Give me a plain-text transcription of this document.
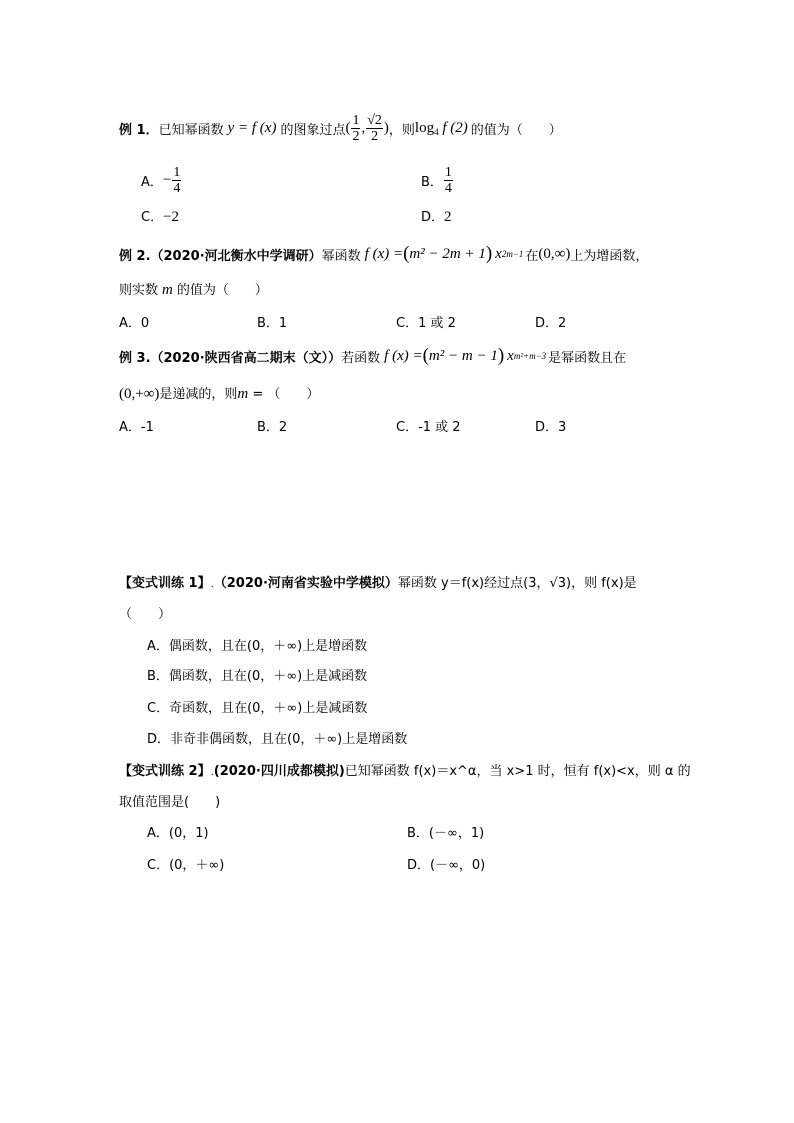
例 1． 已知幂函数 y = f (x) 的图象过点 ( $\frac{1}{2}$ , $\frac{√2}{2}$ ) ，则 $\log_4 f$ (2) 的值为（　　）
A． − $\frac{1}{4}$	B． $\frac{1}{4}$
C．−2	D．2
例 2. （2020·河北衡水中学调研） 幂函数 f (x) = ( m² − 2m + 1 ) x 2m−1 在 (0,∞) 上为增函数，
则实数 m 的值为（　　）
A．0	B．1	C．1 或 2	D．2
例 3. （2020·陕西省高二期末（文）） 若函数 f (x) = ( m² − m − 1 ) x m²+m−3 是幂函数且在
(0,+∞)是递减的，则m = （　　）
A．-1	B．2	C．-1 或 2	D．3
【变式训练 1】.（2020·河南省实验中学模拟）幂函数 y＝f(x)经过点(3，√3)，则 f(x)是
（　　）
A．偶函数，且在(0，＋∞)上是增函数
B．偶函数，且在(0，＋∞)上是减函数
C．奇函数，且在(0，＋∞)上是减函数
D．非奇非偶函数，且在(0，＋∞)上是增函数
【变式训练 2】.(2020·四川成都模拟)已知幂函数 f(x)＝x^α，当 x>1 时，恒有 f(x)<x，则 α 的
取值范围是(　　)
A．(0，1)	B．(－∞，1)
C．(0，＋∞)	D．(－∞，0)
